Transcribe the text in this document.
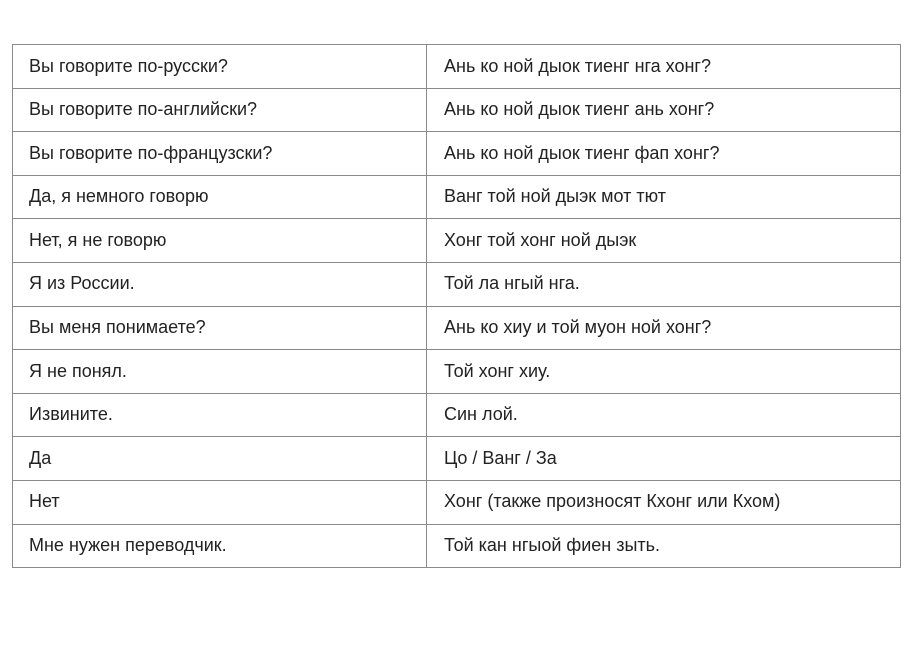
Вы говорите по-русски?	Ань ко ной дыок тиенг нга хонг?
Вы говорите по-английски?	Ань ко ной дыок тиенг ань хонг?
Вы говорите по-французски?	Ань ко ной дыок тиенг фап хонг?
Да, я немного говорю	Ванг той ной дыэк мот тют
Нет, я не говорю	Хонг той хонг ной дыэк
Я из России.	Той ла нгый нга.
Вы меня понимаете?	Ань ко хиу и той муон ной хонг?
Я не понял.	Той хонг хиу.
Извините.	Син лой.
Да	Цо / Ванг / За
Нет	Хонг (также произносят Кхонг или Кхом)
Мне нужен переводчик.	Той кан нгыой фиен зыть.
